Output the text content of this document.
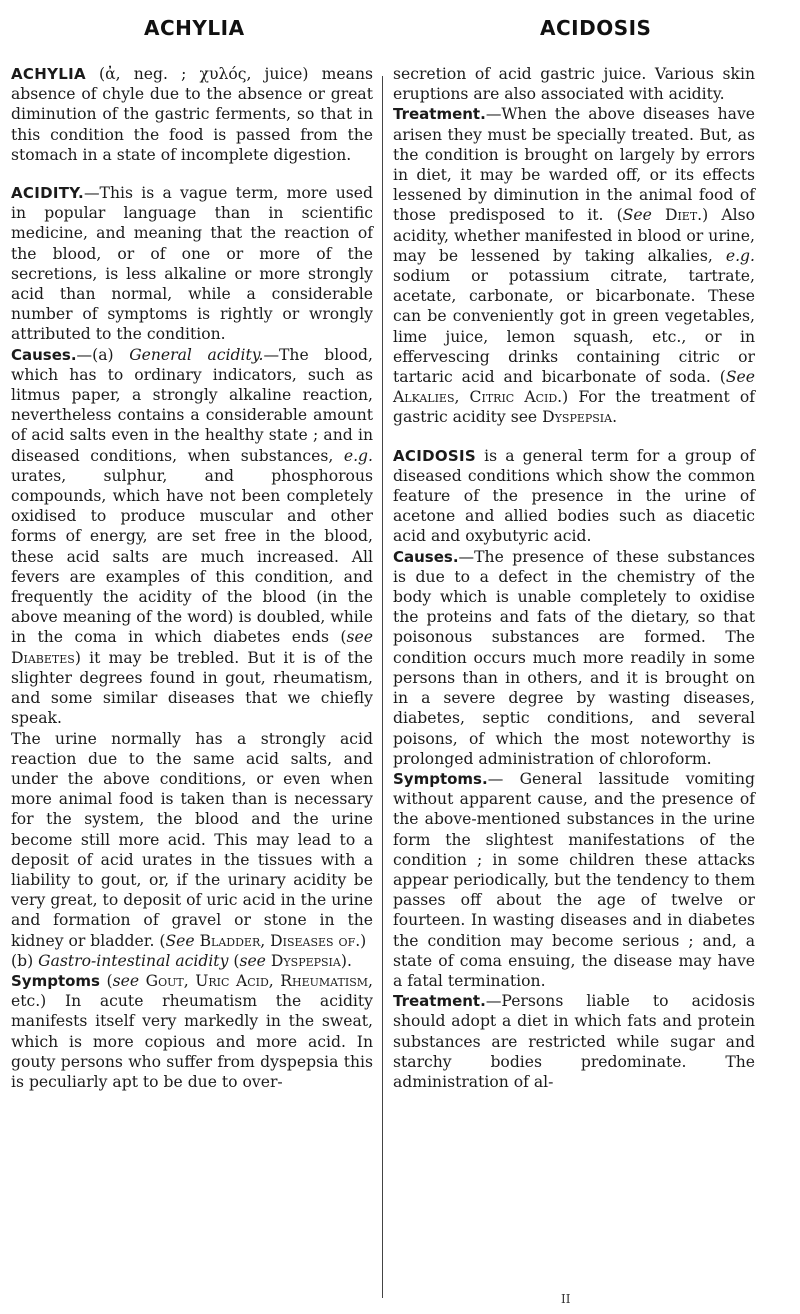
ACHYLIA	ACIDOSIS

ACHYLIA (ἀ, neg. ; χυλός, juice) means absence of chyle due to the absence or great diminution of the gastric ferments, so that in this condition the food is passed from the stomach in a state of incomplete digestion.

ACIDITY.—This is a vague term, more used in popular language than in scientific medicine, and meaning that the reaction of the blood, or of one or more of the secretions, is less alkaline or more strongly acid than normal, while a considerable number of symptoms is rightly or wrongly attributed to the condition.

Causes.—(a) General acidity.—The blood, which has to ordinary indicators, such as litmus paper, a strongly alkaline reaction, nevertheless contains a considerable amount of acid salts even in the healthy state ; and in diseased conditions, when substances, e.g. urates, sulphur, and phosphorous compounds, which have not been completely oxidised to produce muscular and other forms of energy, are set free in the blood, these acid salts are much increased. All fevers are examples of this condition, and frequently the acidity of the blood (in the above meaning of the word) is doubled, while in the coma in which diabetes ends (see Diabetes) it may be trebled. But it is of the slighter degrees found in gout, rheumatism, and some similar diseases that we chiefly speak.

The urine normally has a strongly acid reaction due to the same acid salts, and under the above conditions, or even when more animal food is taken than is necessary for the system, the blood and the urine become still more acid. This may lead to a deposit of acid urates in the tissues with a liability to gout, or, if the urinary acidity be very great, to deposit of uric acid in the urine and formation of gravel or stone in the kidney or bladder. (See Bladder, Diseases of.)

(b) Gastro-intestinal acidity (see Dyspepsia).

Symptoms (see Gout, Uric Acid, Rheumatism, etc.) In acute rheumatism the acidity manifests itself very markedly in the sweat, which is more copious and more acid. In gouty persons who suffer from dyspepsia this is peculiarly apt to be due to over-

secretion of acid gastric juice. Various skin eruptions are also associated with acidity.

Treatment.—When the above diseases have arisen they must be specially treated. But, as the condition is brought on largely by errors in diet, it may be warded off, or its effects lessened by diminution in the animal food of those predisposed to it. (See Diet.) Also acidity, whether manifested in blood or urine, may be lessened by taking alkalies, e.g. sodium or potassium citrate, tartrate, acetate, carbonate, or bicarbonate. These can be conveniently got in green vegetables, lime juice, lemon squash, etc., or in effervescing drinks containing citric or tartaric acid and bicarbonate of soda. (See Alkalies, Citric Acid.) For the treatment of gastric acidity see Dyspepsia.

ACIDOSIS is a general term for a group of diseased conditions which show the common feature of the presence in the urine of acetone and allied bodies such as diacetic acid and oxybutyric acid.

Causes.—The presence of these substances is due to a defect in the chemistry of the body which is unable completely to oxidise the proteins and fats of the dietary, so that poisonous substances are formed. The condition occurs much more readily in some persons than in others, and it is brought on in a severe degree by wasting diseases, diabetes, septic conditions, and several poisons, of which the most noteworthy is prolonged administration of chloroform.

Symptoms.— General lassitude vomiting without apparent cause, and the presence of the above-mentioned substances in the urine form the slightest manifestations of the condition ; in some children these attacks appear periodically, but the tendency to them passes off about the age of twelve or fourteen. In wasting diseases and in diabetes the condition may become serious ; and, a state of coma ensuing, the disease may have a fatal termination.

Treatment.—Persons liable to acidosis should adopt a diet in which fats and protein substances are restricted while sugar and starchy bodies predominate. The administration of al-

II
